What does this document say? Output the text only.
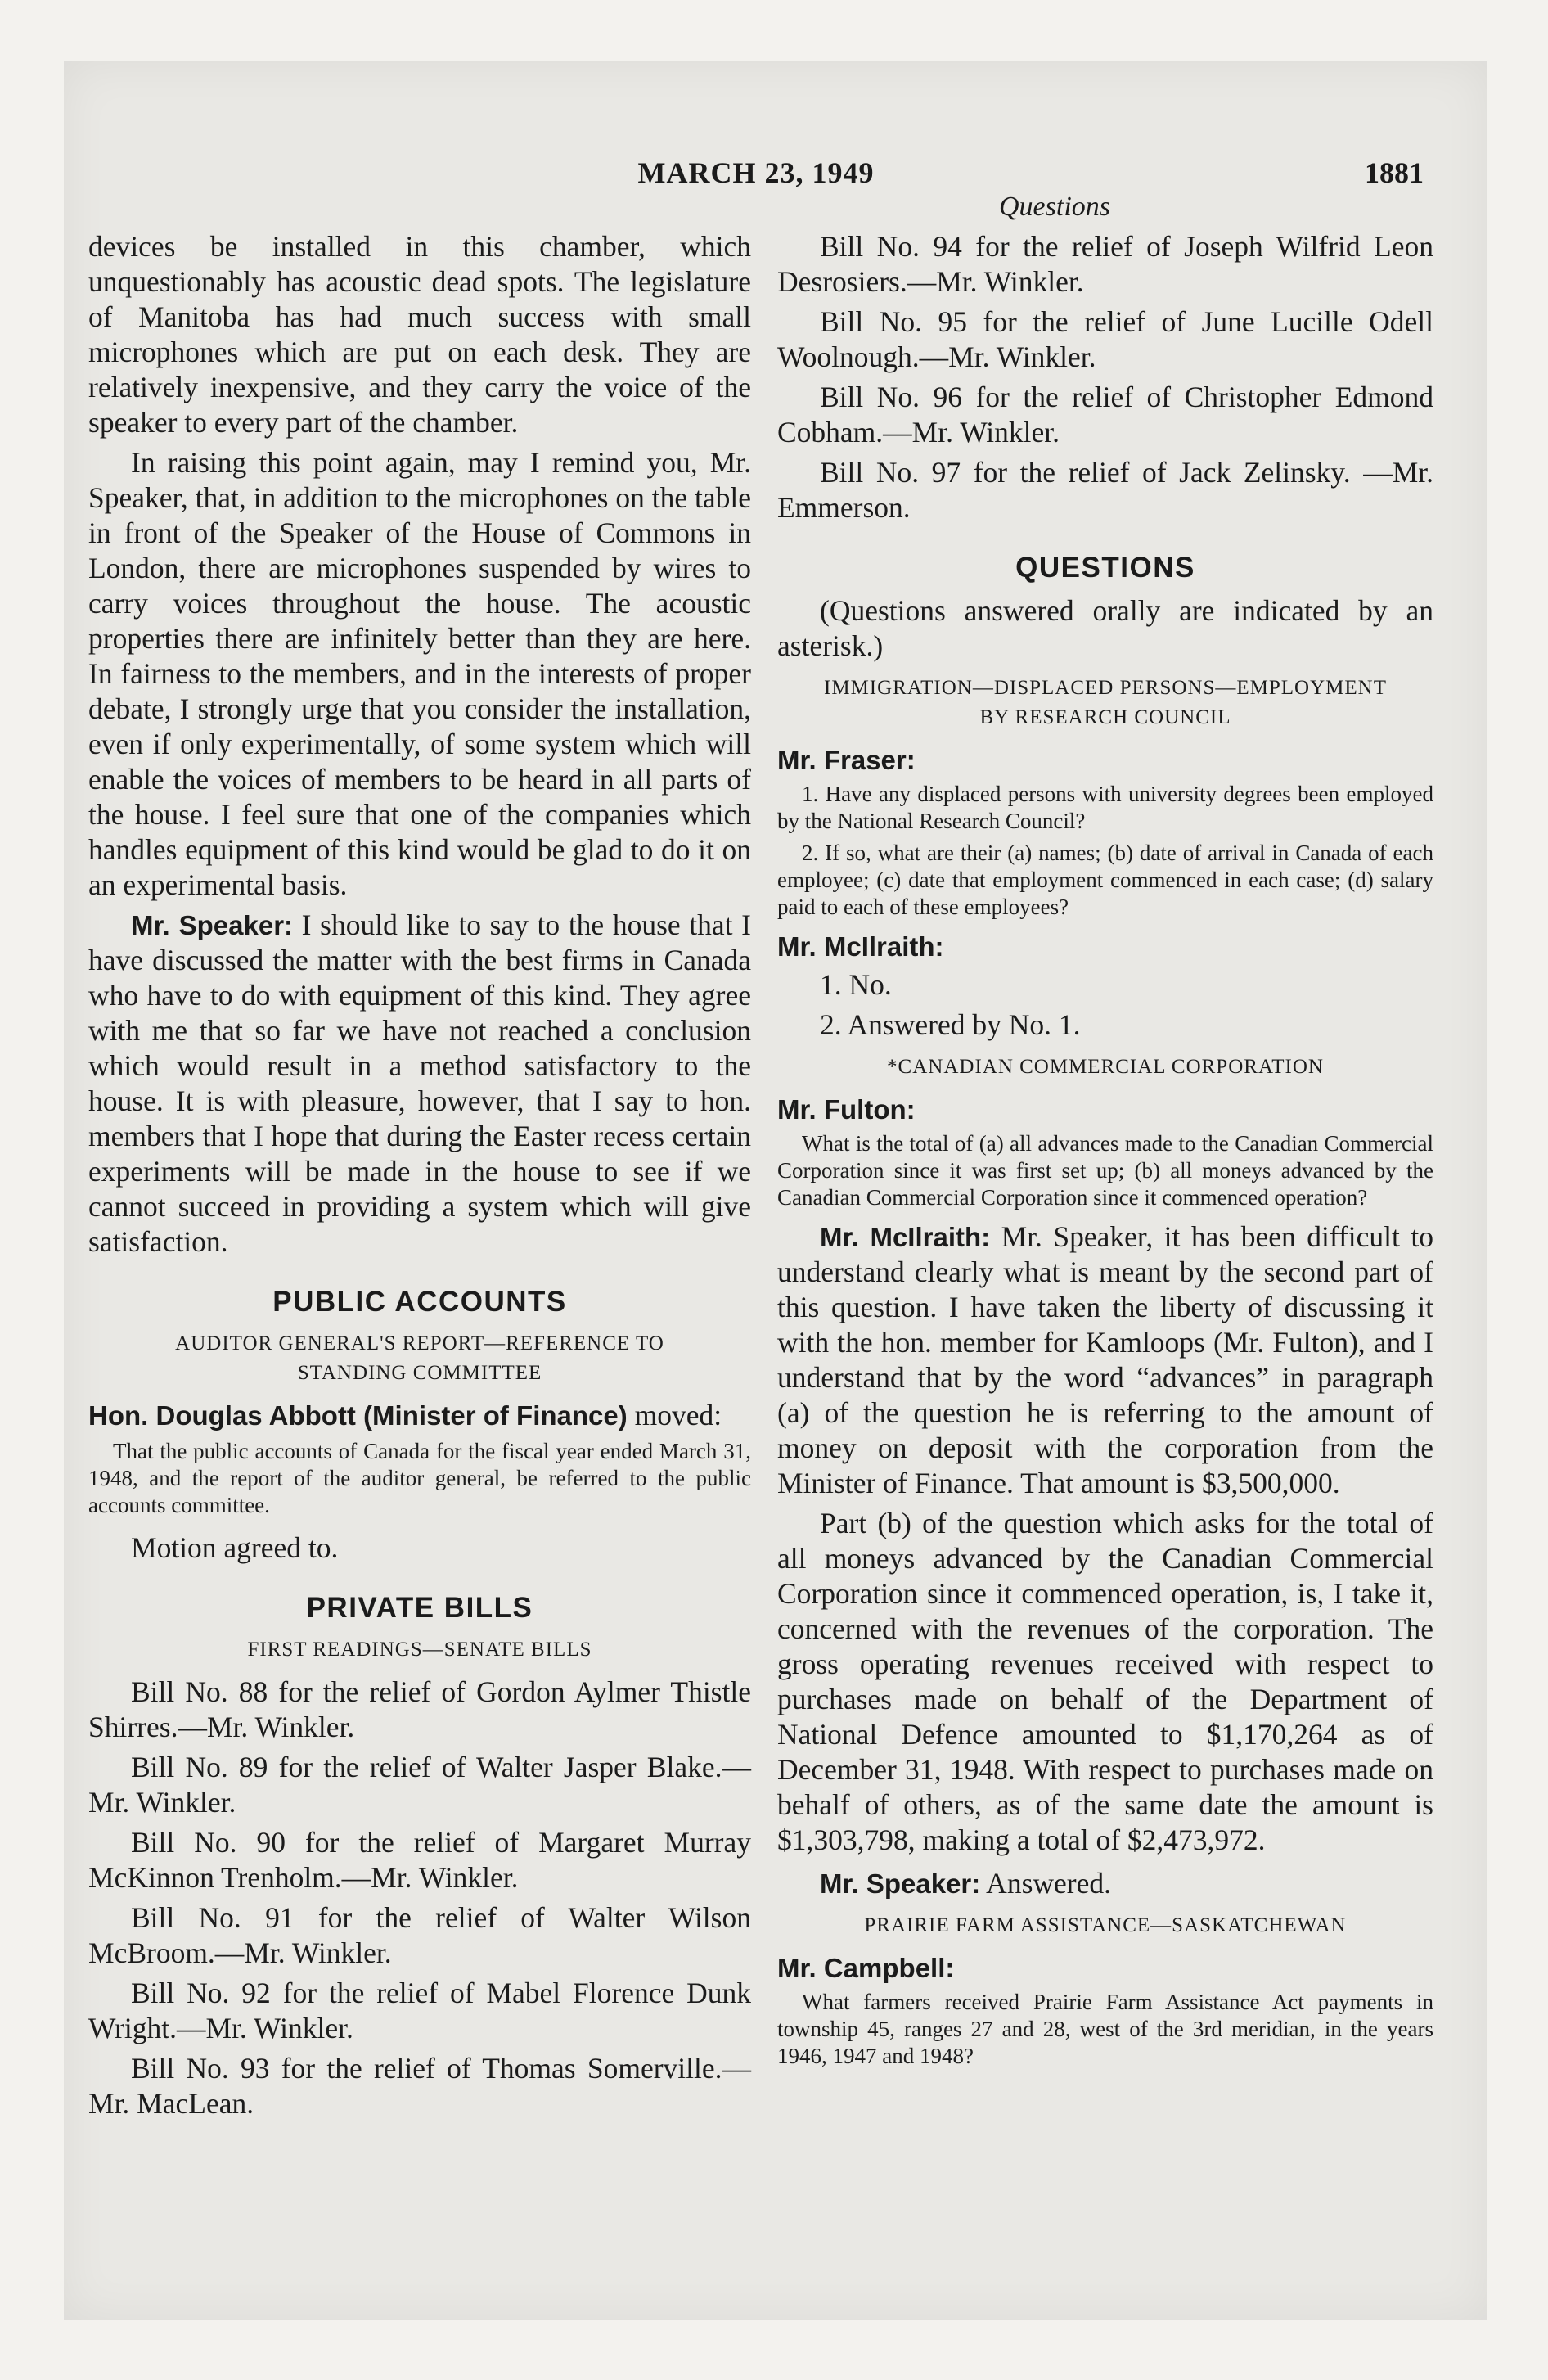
MARCH 23, 1949	1881
Questions

devices be installed in this chamber, which unquestionably has acoustic dead spots. The legislature of Manitoba has had much success with small microphones which are put on each desk. They are relatively inexpensive, and they carry the voice of the speaker to every part of the chamber.

In raising this point again, may I remind you, Mr. Speaker, that, in addition to the microphones on the table in front of the Speaker of the House of Commons in London, there are microphones suspended by wires to carry voices throughout the house. The acoustic properties there are infinitely better than they are here. In fairness to the members, and in the interests of proper debate, I strongly urge that you consider the installation, even if only experimentally, of some system which will enable the voices of members to be heard in all parts of the house. I feel sure that one of the companies which handles equipment of this kind would be glad to do it on an experimental basis.

Mr. Speaker: I should like to say to the house that I have discussed the matter with the best firms in Canada who have to do with equipment of this kind. They agree with me that so far we have not reached a conclusion which would result in a method satisfactory to the house. It is with pleasure, however, that I say to hon. members that I hope that during the Easter recess certain experiments will be made in the house to see if we cannot succeed in providing a system which will give satisfaction.

PUBLIC ACCOUNTS
AUDITOR GENERAL'S REPORT—REFERENCE TO STANDING COMMITTEE

Hon. Douglas Abbott (Minister of Finance) moved:

That the public accounts of Canada for the fiscal year ended March 31, 1948, and the report of the auditor general, be referred to the public accounts committee.

Motion agreed to.

PRIVATE BILLS
FIRST READINGS—SENATE BILLS

Bill No. 88 for the relief of Gordon Aylmer Thistle Shirres.—Mr. Winkler.

Bill No. 89 for the relief of Walter Jasper Blake.—Mr. Winkler.

Bill No. 90 for the relief of Margaret Murray McKinnon Trenholm.—Mr. Winkler.

Bill No. 91 for the relief of Walter Wilson McBroom.—Mr. Winkler.

Bill No. 92 for the relief of Mabel Florence Dunk Wright.—Mr. Winkler.

Bill No. 93 for the relief of Thomas Somerville.—Mr. MacLean.

Bill No. 94 for the relief of Joseph Wilfrid Leon Desrosiers.—Mr. Winkler.

Bill No. 95 for the relief of June Lucille Odell Woolnough.—Mr. Winkler.

Bill No. 96 for the relief of Christopher Edmond Cobham.—Mr. Winkler.

Bill No. 97 for the relief of Jack Zelinsky. —Mr. Emmerson.

QUESTIONS

(Questions answered orally are indicated by an asterisk.)

IMMIGRATION—DISPLACED PERSONS—EMPLOYMENT BY RESEARCH COUNCIL
Mr. Fraser:

1. Have any displaced persons with university degrees been employed by the National Research Council?

2. If so, what are their (a) names; (b) date of arrival in Canada of each employee; (c) date that employment commenced in each case; (d) salary paid to each of these employees?

Mr. McIlraith:

1. No.

2. Answered by No. 1.

*CANADIAN COMMERCIAL CORPORATION
Mr. Fulton:

What is the total of (a) all advances made to the Canadian Commercial Corporation since it was first set up; (b) all moneys advanced by the Canadian Commercial Corporation since it commenced operation?

Mr. McIlraith: Mr. Speaker, it has been difficult to understand clearly what is meant by the second part of this question. I have taken the liberty of discussing it with the hon. member for Kamloops (Mr. Fulton), and I understand that by the word “advances” in paragraph (a) of the question he is referring to the amount of money on deposit with the corporation from the Minister of Finance. That amount is $3,500,000.

Part (b) of the question which asks for the total of all moneys advanced by the Canadian Commercial Corporation since it commenced operation, is, I take it, concerned with the revenues of the corporation. The gross operating revenues received with respect to purchases made on behalf of the Department of National Defence amounted to $1,170,264 as of December 31, 1948. With respect to purchases made on behalf of others, as of the same date the amount is $1,303,798, making a total of $2,473,972.

Mr. Speaker: Answered.

PRAIRIE FARM ASSISTANCE—SASKATCHEWAN
Mr. Campbell:

What farmers received Prairie Farm Assistance Act payments in township 45, ranges 27 and 28, west of the 3rd meridian, in the years 1946, 1947 and 1948?
